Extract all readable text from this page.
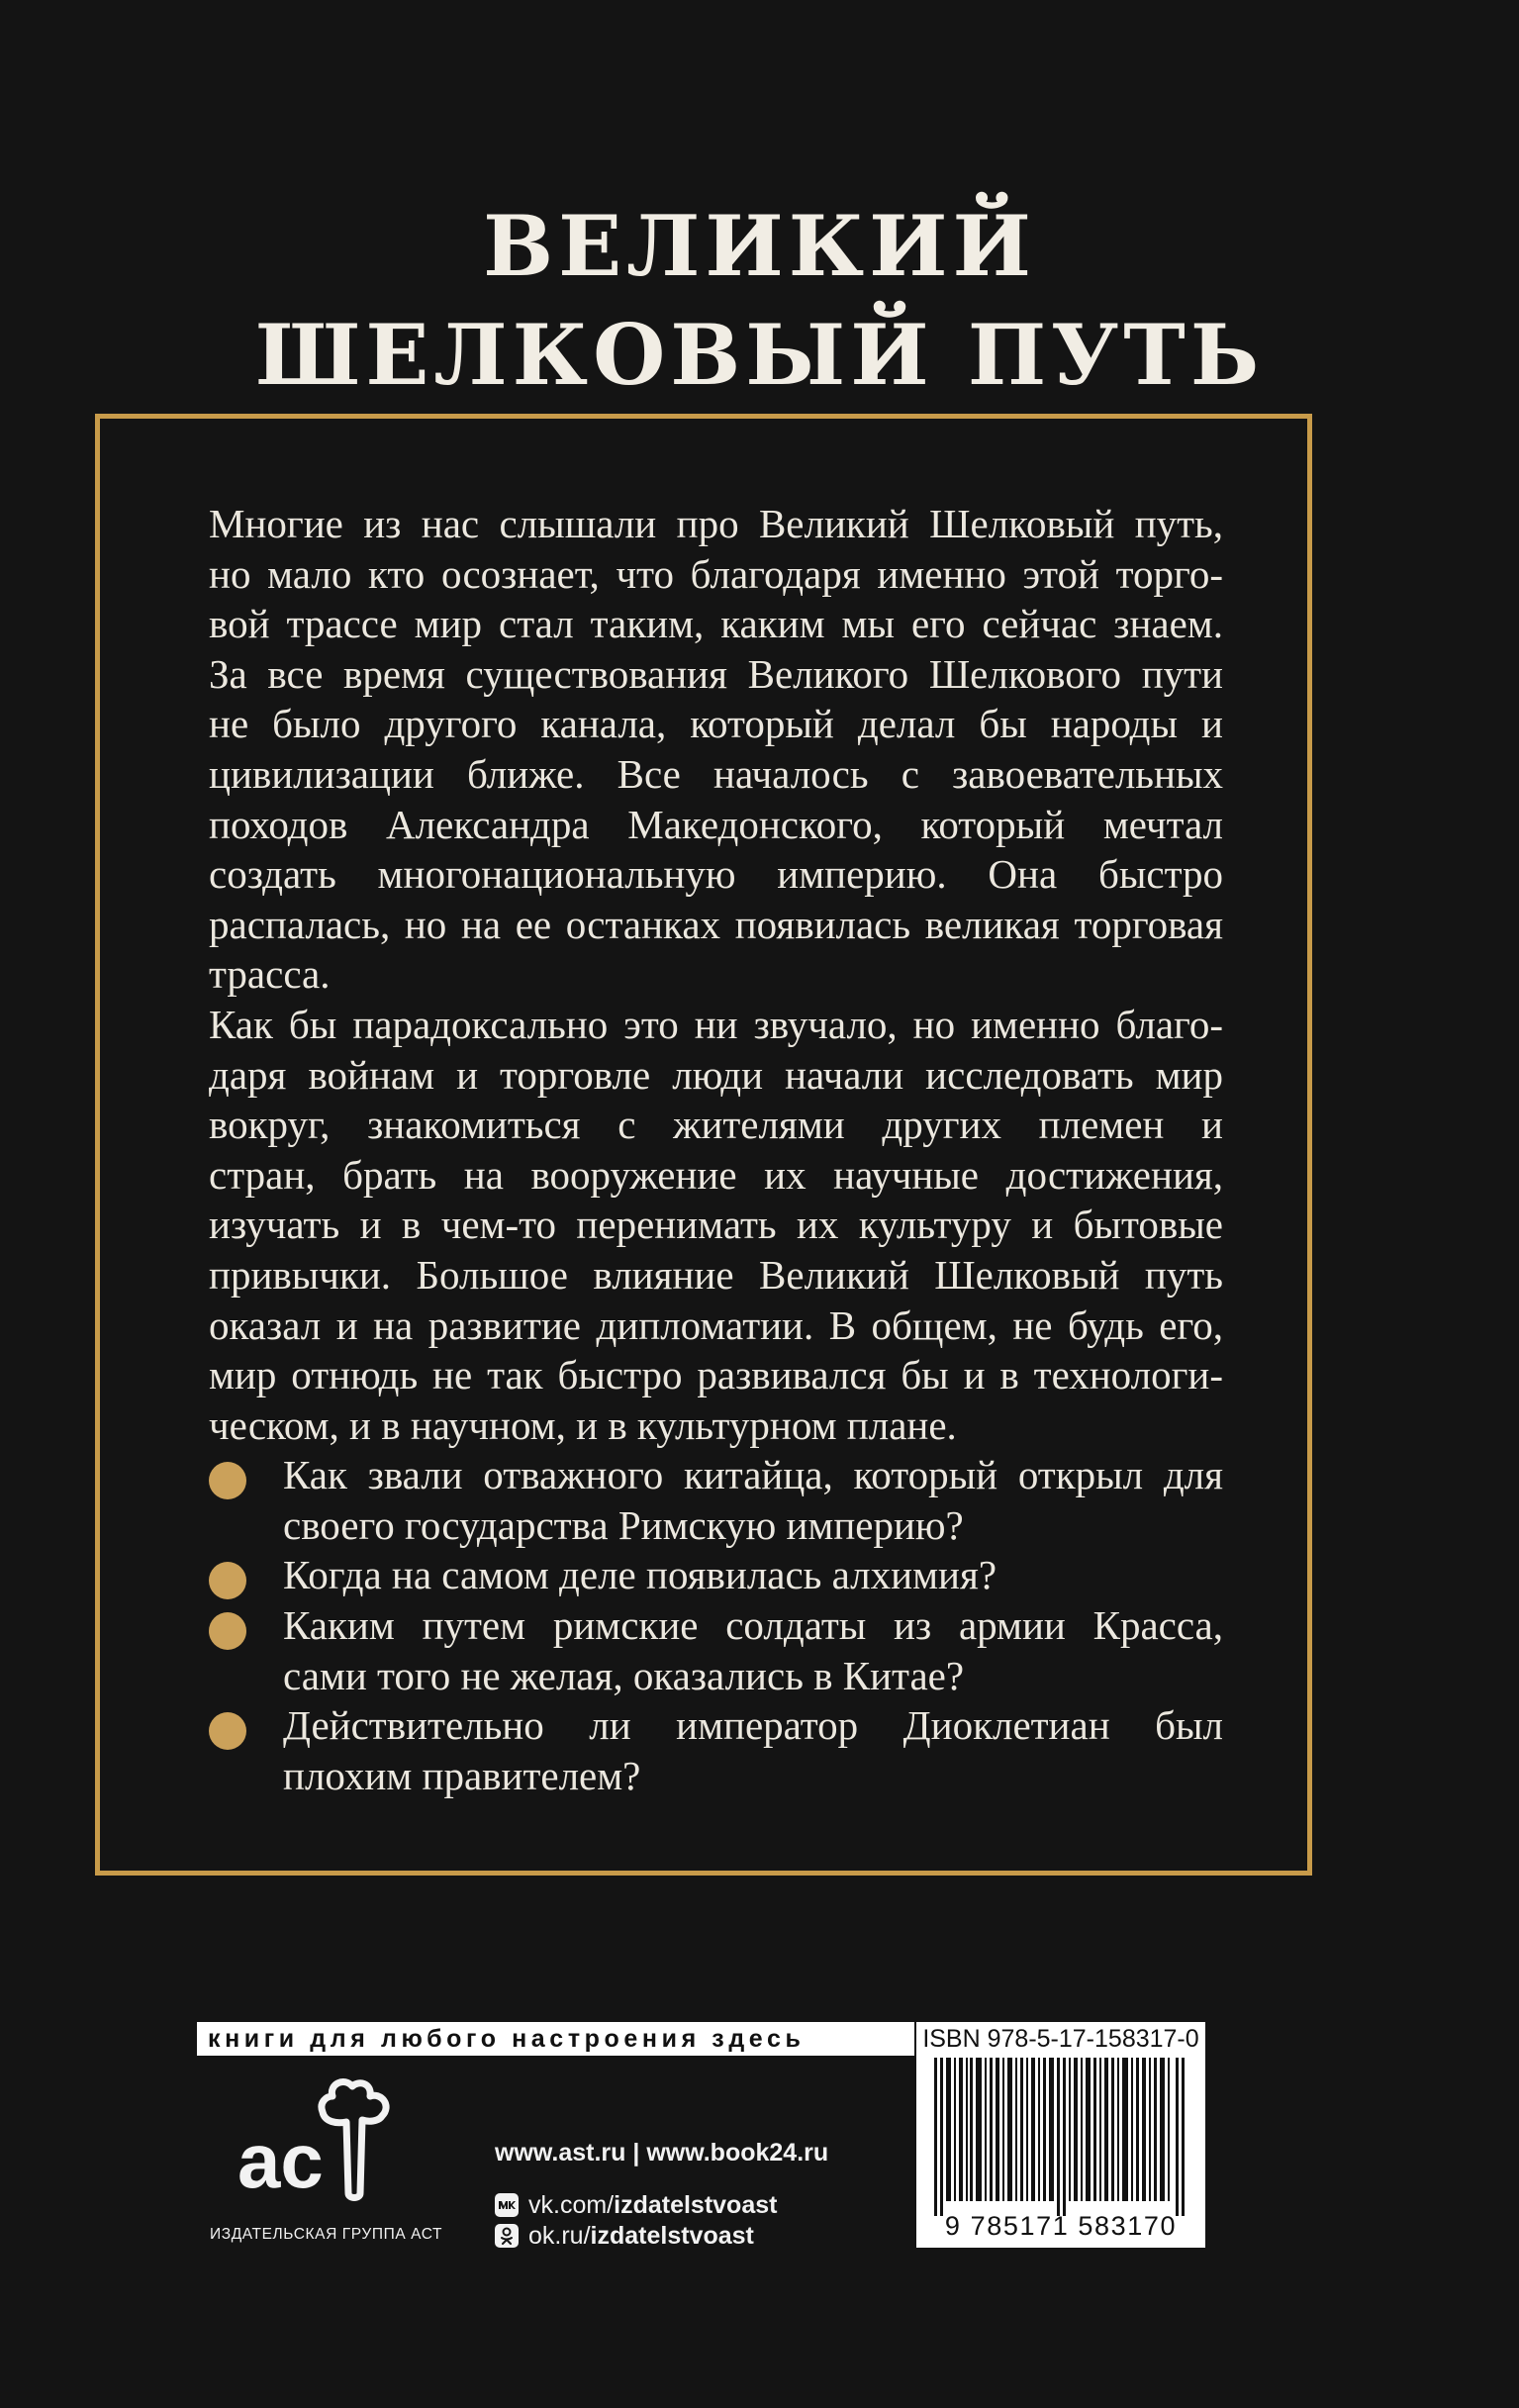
ВЕЛИКИЙ
ШЕЛКОВЫЙ ПУТЬ

Многие из нас слышали про Великий Шелковый путь,
но мало кто осознает, что благодаря именно этой торго-
вой трассе мир стал таким, каким мы его сейчас знаем.
За все время существования Великого Шелкового пути
не было другого канала, который делал бы народы и
цивилизации ближе. Все началось с завоевательных
походов Александра Македонского, который мечтал
создать многонациональную империю. Она быстро
распалась, но на ее останках появилась великая торговая
трасса.

Как бы парадоксально это ни звучало, но именно благо-
даря войнам и торговле люди начали исследовать мир
вокруг, знакомиться с жителями других племен и
стран, брать на вооружение их научные достижения,
изучать и в чем-то перенимать их культуру и бытовые
привычки. Большое влияние Великий Шелковый путь
оказал и на развитие дипломатии. В общем, не будь его,
мир отнюдь не так быстро развивался бы и в технологи-
ческом, и в научном, и в культурном плане.

Как звали отважного китайца, который открыл для
своего государства Римскую империю?
Когда на самом деле появилась алхимия?
Каким путем римские солдаты из армии Красса,
сами того не желая, оказались в Китае?
Действительно ли император Диоклетиан был
плохим правителем?
книги для любого настроения здесь	ISBN 978-5-17-158317-0
9 785171 583170
ac
ИЗДАТЕЛЬСКАЯ ГРУППА АСТ
www.ast.ru | www.book24.ru
vk.com/ izdatelstvoast
ok.ru/ izdatelstvoast
